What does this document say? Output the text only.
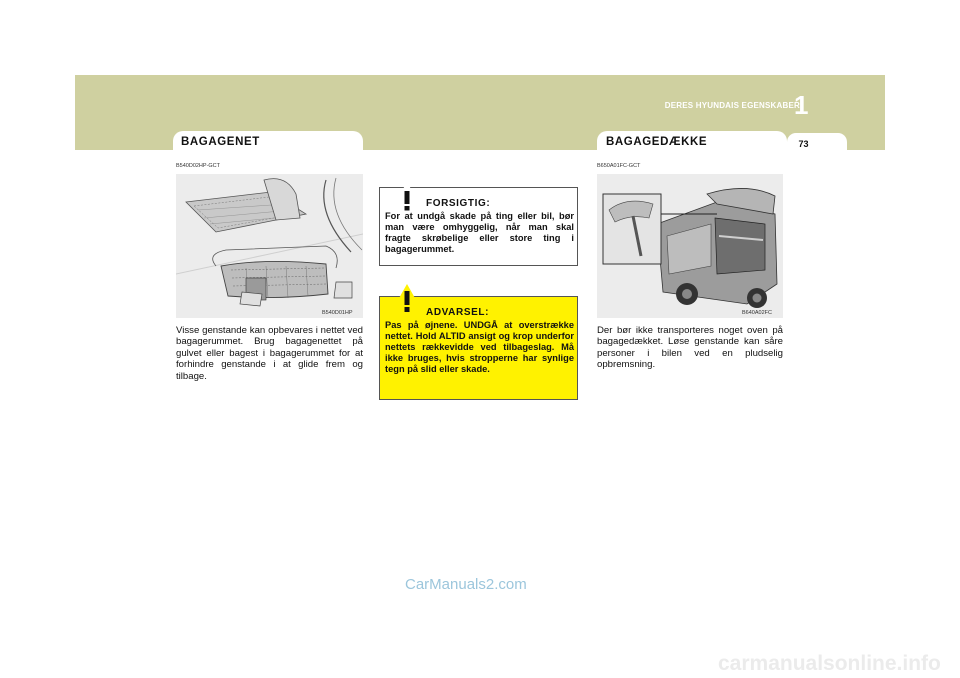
DERES HYUNDAIS EGENSKABER
1
73
BAGAGENET
B540D02HP-GCT
B540D01HP
Visse genstande kan opbevares i nettet ved bagagerummet. Brug bagagenettet på gulvet eller bagest i bagagerummet for at forhindre genstande i at glide frem og tilbage.
FORSIGTIG:
For at undgå skade på ting eller bil, bør man være omhyggelig, når man skal fragte skrøbelige eller store ting i bagagerummet.
ADVARSEL:
Pas på øjnene. UNDGÅ at overstrække nettet. Hold ALTID ansigt og krop underfor nettets rækkevidde ved tilbageslag. Må ikke bruges, hvis stropperne har synlige tegn på slid eller skade.
BAGAGEDÆKKE
B650A01FC-GCT
B640A02FC
Der bør ikke transporteres noget oven på bagagedækket. Løse genstande kan såre personer i bilen ved en pludselig opbremsning.
CarManuals2.com
carmanualsonline.info
